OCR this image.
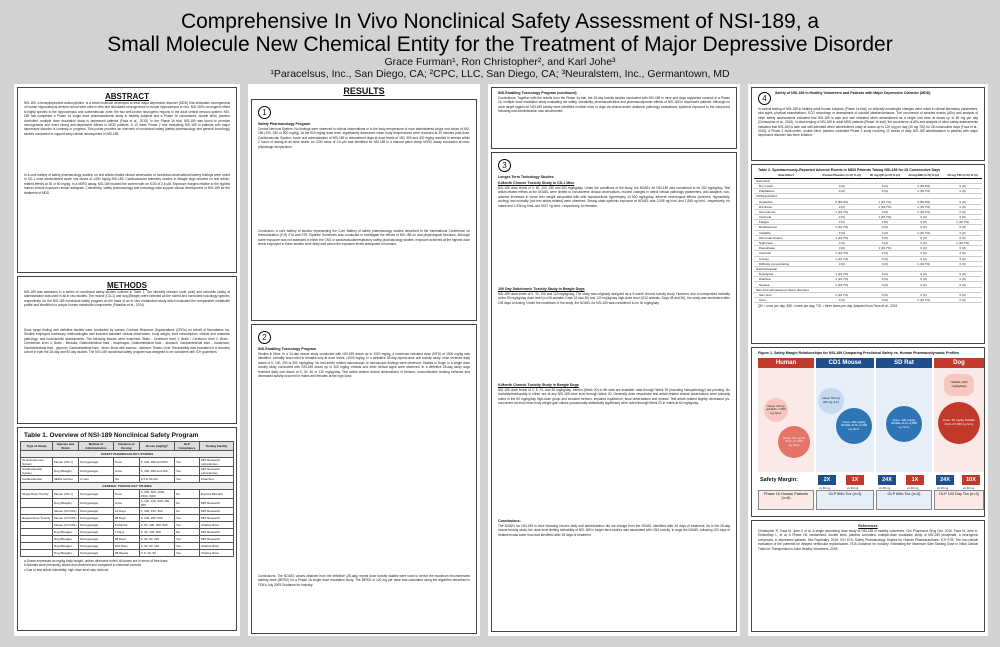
Comprehensive In Vivo Nonclinical Safety Assessment of NSI-189, a
Small Molecule New Chemical Entity for the Treatment of Major Depressive Disorder
Grace Furman¹, Ron Christopher², and Karl Johe³
¹Paracelsus, Inc., San Diego, CA; ²CPC, LLC, San Diego, CA; ³Neuralstem, Inc., Germantown, MD
ABSTRACT
NSI-189, a benzylpiperizine-aminopyridine, is a small molecule developed to treat major depressive disorder (MDD) that stimulates neurogenesis of human hippocampus-derived neural stem cells in vitro and stimulates neurogenesis in mouse hippocampus in vivo. NSI-189's neurogenic effect is highly specific to the hippocampus and subventricular zone; the two well-known neurogenic regions in the adult central nervous system. NSI-189 has completed a Phase 1a single dose pharmacokinetic study in healthy subjects and a Phase 1b randomized, double blind, placebo controlled, multiple dose escalation study in depressed patients (Fava et al., 2015). In the Phase 1b trial, NSI-189 was found to promote neurogenesis and exert strong anti-depressive effects in MDD patients. A 12 week Phase 2 trial evaluating NSI-189 in patients with major depressive disorder is currently in progress. This poster provides an overview of nonclinical safety (safety pharmacology and general toxicology) studies conducted to support early clinical development of NSI-189.
In a core battery of safety pharmacology studies, no test article-related clinical observation or functional observational battery findings were noted in CD-1 mice administered acute oral doses of ≤300 mg/kg NSI-189. Cardiovascular telemetry studies in Beagle dogs showed no test article-related effects at 30 or 60 mg/kg. In a hERG assay, NSI-189 blocked the current with an IC50 of 2.6 µM. Exposure margins relative to the highest human clinical exposure remain adequate. Collectively, safety pharmacology and toxicology data support clinical development of NSI-189 for the treatment of MDD.
METHODS
NSI-189 was assessed in a series of nonclinical safety studies outlined in Table 1. The clinically relevant route (oral) and schedule (daily) of administration was used in all in vivo studies. The mouse (CD-1) and dog (Beagle) were selected as the rodent and nonrodent toxicology species, respectively, for the NSI-189 nonclinical safety program on the basis of an in vitro metabolism study which evaluated the comparative metabolite profile and identified no unique human metabolite components (Paladino et al., 2014).
Dose range finding and definitive studies were conducted by various Contract Research Organizations (CROs) on behalf of Neuralstem Inc. Studies employed customary methodologies and included standard clinical observation, body weight, food consumption, clinical and anatomic pathology, and toxicokinetic assessments. The following tissues were examined: Brain - Cerebrum level 1; Brain - Cerebrum level 2; Brain - Cerebellum level 3; Brain - Medulla; Gastrointestinal tract - esophagus; Gastrointestinal tract - stomach; Gastrointestinal tract - duodenum; Gastrointestinal tract - jejunum; Gastrointestinal tract - ileum; Bone with marrow - sternum; Testes; Liver. Reversibility was evaluated in a recovery cohort in both the 28-day and 90-day studies. The NSI-189 nonclinical safety program was designed to be consistent with ICH guidelines.
Table 1. Overview of NSI-189 Nonclinical Safety Program
Type of Study	Species and Strain	Method of Administration	Duration of Dosing	Doses (mg/kg)¹	GLP Compliance	Testing Facility
SAFETY PHARMACOLOGY STUDIES						
Central Nervous System	Mouse (CD-1)	Oral (gavage)	Once	0, 100, 300 and 500	Yes	MPI Research Laboratories
Cardiovascular System	Dog (Beagle)	Oral (gavage)	Once	0, 150, 300 and 400	Yes	MPI Research Laboratories
Cardiovascular	hERG cell line	In vitro	NA	0.3 to 30 µM	Yes	ChanTest
GENERAL TOXICOLOGY STUDIES						
Single Dose Toxicity	Mouse (CD-1)	Oral (gavage)	Once	0, 250, 500, 1000, 1500, 2000	No	Explora BioLabs
	Dog (Beagle)	Oral (gavage)	Once	0, 100, 150, 200, 250, 300	No	MPI Research
	Mouse (Crl:CD1)	Oral (gavage)	14 Days	0, 100, 150, 300	No	MPI Research
Repeat Dose Toxicity	Mouse (Crl:CD1)	Oral (gavage)	28 Days	0, 100, 250, 500	Yes	MPI Research
	Mouse (Crl:CD1)	Oral (gavage)	6 Months	0, 50, 100, 250, 500	Yes	Charles River
	Dog (Beagle)	Oral (gavage)	7 Days	0, 30, 100, 300	No	MPI Research
	Dog (Beagle)	Oral (gavage)	28 Days	0, 30, 60, 120	Yes	MPI Research
	Dog (Beagle)	Oral (gavage)	100 Days	0, 30, 60, 120	Yes	Charles River
	Dog (Beagle)	Oral (gavage)	39 Weeks	0, 5, 20, 60	Yes	Charles River
a Doses expressed as mg/kg body weight, unless otherwise noted. All doses are in terms of free base.
b Animals were previously dosed and observed and compared to historical controls.
c Due to test article tolerability, high dose level was reduced.
RESULTS
1
Safety Pharmacology Program
Central Nervous System: No findings were observed in clinical observations or in the body temperature of mice administered single oral doses of NSI-189 (100, 250 or 500 mg/kg). At the 500 mg/kg dose level, significantly decreased mean body temperatures were recorded at 30 minutes post-dose. Cardiovascular System: Acute oral administration of NSI-189 to telemetered dogs at dose levels of 150, 300 and 400 mg/kg resulted in emesis within 2 hours of dosing at all dose levels. An IC50 value of 2.6 µM was identified for NSI-189 in a manual patch clamp hERG assay conducted at near-physiologic temperature.
Conclusion: A core battery of studies representing the Core Battery of safety pharmacology studies described in the International Conference on Harmonization (ICH) S7A and S7B Tripartite Guidelines was conducted to investigate the effects of NSI-189 on vital physiological functions. Although some exposure was not assessed in either the CNS or cardiovascular/respiratory safety pharmacology studies, exposure achieved at the highest dose levels employed in these studies were likely well above the exposure levels anticipated in humans.
2
IND-Enabling Toxicology Program
Studies in Mice: In a 14-day mouse study conducted with NSI-189 doses up to 2000 mg/kg, a maximum tolerated dose (MTD) of 1500 mg/kg was identified. Lethality was noted in females only at dose levels >1000 mg/kg. In a definitive 28-day repeat-dose oral toxicity study, mice received daily doses of 0, 100, 250 or 500 mg/kg/day. No test article related macroscopic or microscopic findings were observed. Studies in Dogs: In a single dose toxicity study conducted with NSI-189 doses up to 300 mg/kg, emesis and other clinical signs were observed. In a definitive 28-day study dogs received daily oral doses of 0, 30, 60 or 120 mg/kg/day. Test article-related clinical observations of tremors, uncoordinated working behavior and decreased activity occurred in males and females at the high dose.
Conclusions: The NOAEL values obtained from the definitive (28-day) repeat dose toxicity studies were used to derive the maximum recommended starting dose (MRSD) for a Phase 1a single dose escalation study. The MRSD of 120 mg per dose was calculated using the algorithm described in FDA's July 2005 Guidance for Industry.
IND-Enabling Toxicology Program (continued)
Conclusions: Together with the results from the Phase 1a trial, the 28-day toxicity studies conducted with NSI-189 in mice and dogs supported conduct of a Phase 1b, multiple dose escalation study evaluating the safety, tolerability, pharmacokinetics and pharmacodynamic effects of NSI-189 in depressed patients. Although no clear target organs for NSI-189 toxicity were identified in either mice or dogs via clinical and/or anatomic pathology evaluations, systemic exposure to the compound following oral administration was documented.
3
Longer-Term Toxicology Studies
6-Month Chronic Toxicity Study in CD-1 Mice
NSI-189 dose levels of 0, 50, 100, 250 and 500 mg/kg/day. Under the conditions of the study, the NOAEL for NSI-189 was considered to be 250 mg/kg/day. Test article-related effects at the NOAEL were limited to non-adverse clinical observations, modest changes in select clinical pathology parameters, and adaptive, non-adverse increases in mean liver weight associated with mild hepatocellular hypertrophy. At 500 mg/kg/day, adverse neurological effects (seizures, hypoactivity, circling) and mortality (not test article-related) were observed. Steady state systemic exposure at NOAEL was 2,058 ng·h/mL and 1,958 ng·h/mL, respectively, for males and 2,336 ng·h/mL and 5927 ng·h/mL, respectively, for females.
100 Day Subchronic Toxicity Study in Beagle Dogs
NSI-189 dose levels of 0, 30, 100 and 120 mg/kg/day. The study was originally designed as a 9-month chronic toxicity study. However, due to unexpected mortality at the 50 mg/kg/day dose level (n=2/8 animals; Days 24 and 36) and 120 mg/kg/day high-dose level (2/12 animals; Days 48 and 50), the study was terminated after 126 days of dosing. Under the conditions of the study, the NOAEL for NSI-189 was considered to be 30 mg/kg/day.
9-Month Chronic Toxicity Study in Beagle Dogs
NSI-189 dose levels of 0, 5, 20, and 60 mg/kg/day. Interim (Week 20) in-life data are available; data through Week 39 (including histopathology) are pending. No mortality/moribundity in either sex at any NSI-189 dose level through Week 20. Generally dose responsive test article-related clinical observations were primarily noted in the 60 mg/kg/day high-dose group and included tremors, impaired equilibrium, fecal observations and emesis. Test article-related slightly decreased (vs. concurrent control) mean body weight gain values (occasionally statistically significant) were noted through Week 20 in males at 60 mg/kg/day.
Conclusions:
The NOAEL for NSI-189 in mice following chronic daily oral administration did not change from the NOAEL identified after 28 days of treatment. As in the 28-day mouse toxicity study, the dose level limiting tolerability of NSI-189 in longer-term studies was associated with CNS toxicity. In dogs the NOAEL following 100 days of treatment was lower than that identified after 28 days of treatment.
4
Safety of NSI-189 in Healthy Volunteers and Patients with Major Depressive Disorder (MDD)
In clinical testing of NSI-189 in healthy adult human subjects (Phase 1a trial), no clinically meaningful changes were noted in clinical laboratory parameters, vital signs, physical examinations, ECG recordings or assessment of suicidal ideation/behavior. The occurrence of adverse events (AEs) and analysis of other safety assessments indicated that NSI-189 is safe and well tolerated when administered as a single oral dose at doses up to 80 mg per day (Christopher et al., 2016). In dose testing of NSI-189 in adult MDD patients (Phase 1b trial), the occurrence of AEs and analysis of other safety assessments indicated that NSI-189 is safe and well-tolerated when administered orally at doses up to 120 mg per day (40 mg TID) for 28 consecutive days (Fava et al., 2015). A Phase 2 multi-center, double blind, placebo controlled Phase 2 study involving 12 weeks of daily NSI-189 administration to patients with major depressive disorder has been initiated.
Table 2. Spontaneously-Reported Adverse Events in MDD Patients Taking NSI-189 for 28 Consecutive Days
Side Effect	Pooled Placebo (n=6) % (n)	40 mg QD (n=6) % (n)	40 mg BID (n=6) % (n)	40 mg TID (n=6) % (n)
Autonomic				
Dry mouth	0 (0)	0 (0)	2 (33.3%)	0 (0)
Palpitations	0 (0)	0 (0)	1 (16.7%)	0 (0)
CNS/psychiatric				
Headache	5 (83.3%)	1 (16.7%)	3 (50.0%)	0 (0)
Dizziness	0 (0)	1 (16.7%)	1 (16.7%)	0 (0)
Somnolence	1 (16.7%)	0 (0)	1 (16.7%)	0 (0)
Insomnia	0 (0)	1 (16.7%)	0 (0)	0 (0)
Fatigue	0 (0)	0 (0)	0 (0)	1 (16.7%)
Restlessness	1 (16.7%)	0 (0)	0 (0)	0 (0)
Irritability	0 (0)	0 (0)	1 (16.7%)	0 (0)
Abnormal dreams	1 (16.7%)	0 (0)	0 (0)	0 (0)
Nightmare	0 (0)	0 (0)	0 (0)	1 (16.7%)
Paresthesia	0 (0)	1 (16.7%)	0 (0)	0 (0)
Anorexia	1 (16.7%)	0 (0)	0 (0)	0 (0)
Anxiety	1 (16.7%)	0 (0)	0 (0)	0 (0)
Difficulty concentrating	0 (0)	0 (0)	1 (16.7%)	0 (0)
Gastrointestinal				
Dyspepsia	1 (16.7%)	0 (0)	0 (0)	0 (0)
Diarrhea	1 (16.7%)	0 (0)	0 (0)	0 (0)
Nausea	1 (16.7%)	0 (0)	0 (0)	0 (0)
Skin and subcutaneous tissue disorders				
Skin rash	1 (16.7%)	0 (0)	0 (0)	0 (0)
Acne	0 (0)	0 (0)	1 (16.7%)	0 (0)
QD = once per day; BID = twice per day; TID = three times per day. Adapted from Fava et al., 2015
Figure 1. Safety Margin Relationships for NSI-189 Comparing Preclinical Safety vs. Human Pharmacodynamic Profiles
Human	CD1 Mouse	SD Rat	Dog
Dose: 40 mg qd AUC~7,000 ng·h/mL
Dose: 40 mg tid AUC~17,700 ng·h/mL
Dose: 50 mg (40 mg q.d.)
Dose: 100 mg/kg NOAEL AUC~2,490 ng·h/mL
Dose: 100 mg/kg NOAEL AUC~2,860 ng·h/mL
NOAEL (100 mg/kg/day)
Dose: 30 mg/kg NOAEL AUC~27,000 ng·h/mL
Safety Margin:	2X	1X	24X	1X	24X	10X
vs 40 mg	vs 40 mg	vs 40 mg	vs 40 mg	vs 40 mg	vs 40 mg
Phase 1b Human Patients (n=6)
GLP 6Mo Tox (n=3)	GLP 6Mo Tox (n=3)	GLP 100 Day Tox (n=3)
References
Christopher R, Fava M, Johe K et al. A single ascending dose study of NSI-189 in healthy volunteers. Clin Pharmacol Drug Dev. 2016. Fava M, Johe K, Ereshefsky L, et al. A Phase 1B, randomized, double blind, placebo controlled, multiple-dose escalation study of NSI-189 phosphate, a neurogenic compound, in depressed patients. Mol Psychiatry. 2015. ICH S7A: Safety Pharmacology Studies for Human Pharmaceuticals. ICH S7B: The non-clinical evaluation of the potential for delayed ventricular repolarization. FDA Guidance for Industry: Estimating the Maximum Safe Starting Dose in Initial Clinical Trials for Therapeutics in Adult Healthy Volunteers, 2005.
